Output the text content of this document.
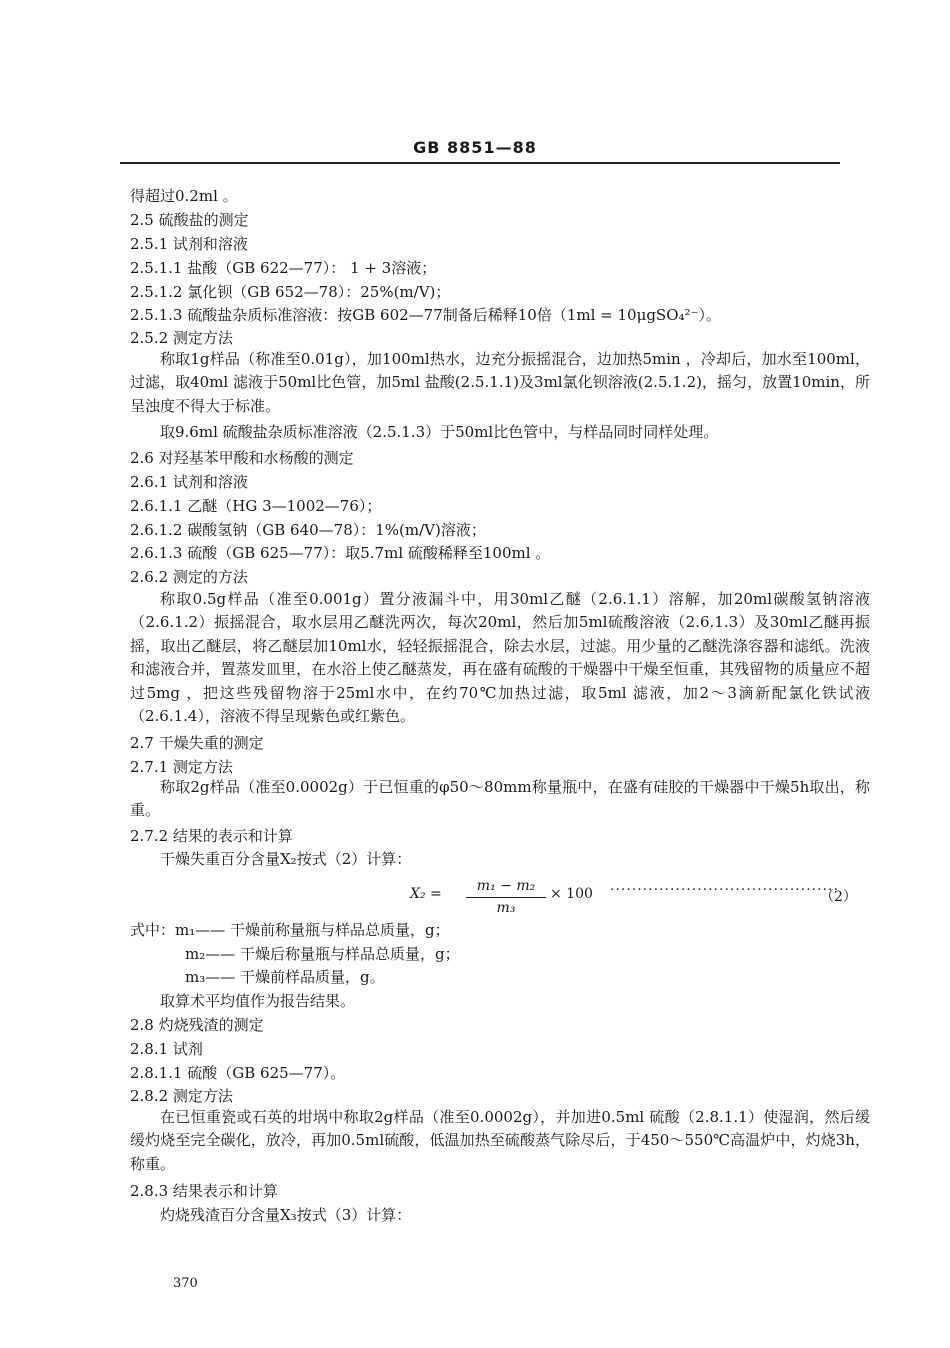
GB 8851—88
得超过0.2ml 。
2.5 硫酸盐的测定
2.5.1 试剂和溶液
2.5.1.1 盐酸（GB 622—77）： 1 + 3溶液；
2.5.1.2 氯化钡（GB 652—78）：25%(m/V)；
2.5.1.3 硫酸盐杂质标准溶液：按GB 602—77制备后稀释10倍（1ml = 10μgSO₄²⁻）。
2.5.2 测定方法
称取1g样品（称准至0.01g），加100ml热水，边充分振摇混合，边加热5min ，冷却后，加水至100ml，过滤，取40ml 滤液于50ml比色管，加5ml 盐酸(2.5.1.1)及3ml氯化钡溶液(2.5.1.2)，摇匀，放置10min，所呈浊度不得大于标准。
取9.6ml 硫酸盐杂质标准溶液（2.5.1.3）于50ml比色管中，与样品同时同样处理。
2.6 对羟基苯甲酸和水杨酸的测定
2.6.1 试剂和溶液
2.6.1.1 乙醚（HG 3—1002—76）；
2.6.1.2 碳酸氢钠（GB 640—78）：1%(m/V)溶液；
2.6.1.3 硫酸（GB 625—77）：取5.7ml 硫酸稀释至100ml 。
2.6.2 测定的方法
称取0.5g样品（准至0.001g）置分液漏斗中，用30ml乙醚（2.6.1.1）溶解，加20ml碳酸氢钠溶液（2.6.1.2）振摇混合，取水层用乙醚洗两次，每次20ml，然后加5ml硫酸溶液（2.6.1.3）及30ml乙醚再振摇，取出乙醚层，将乙醚层加10ml水，轻轻振摇混合，除去水层，过滤。用少量的乙醚洗涤容器和滤纸。洗液和滤液合并，置蒸发皿里，在水浴上使乙醚蒸发，再在盛有硫酸的干燥器中干燥至恒重，其残留物的质量应不超过5mg ，把这些残留物溶于25ml水中，在约70℃加热过滤，取5ml 滤液，加2～3滴新配氯化铁试液（2.6.1.4），溶液不得呈现紫色或红紫色。
2.7 干燥失重的测定
2.7.1 测定方法
称取2g样品（准至0.0002g）于已恒重的φ50～80mm称量瓶中，在盛有硅胶的干燥器中干燥5h取出，称重。
2.7.2 结果的表示和计算
干燥失重百分含量X₂按式（2）计算：
X₂ =	m₁ − m₂
m₃
× 100 ··········································
（2）
式中：m₁—— 干燥前称量瓶与样品总质量，g；
m₂—— 干燥后称量瓶与样品总质量，g；
m₃—— 干燥前样品质量，g。
取算术平均值作为报告结果。
2.8 灼烧残渣的测定
2.8.1 试剂
2.8.1.1 硫酸（GB 625—77）。
2.8.2 测定方法
在已恒重瓷或石英的坩埚中称取2g样品（准至0.0002g），并加进0.5ml 硫酸（2.8.1.1）使湿润，然后缓缓灼烧至完全碳化，放冷，再加0.5ml硫酸，低温加热至硫酸蒸气除尽后，于450～550℃高温炉中，灼烧3h，称重。
2.8.3 结果表示和计算
灼烧残渣百分含量X₃按式（3）计算：
370
